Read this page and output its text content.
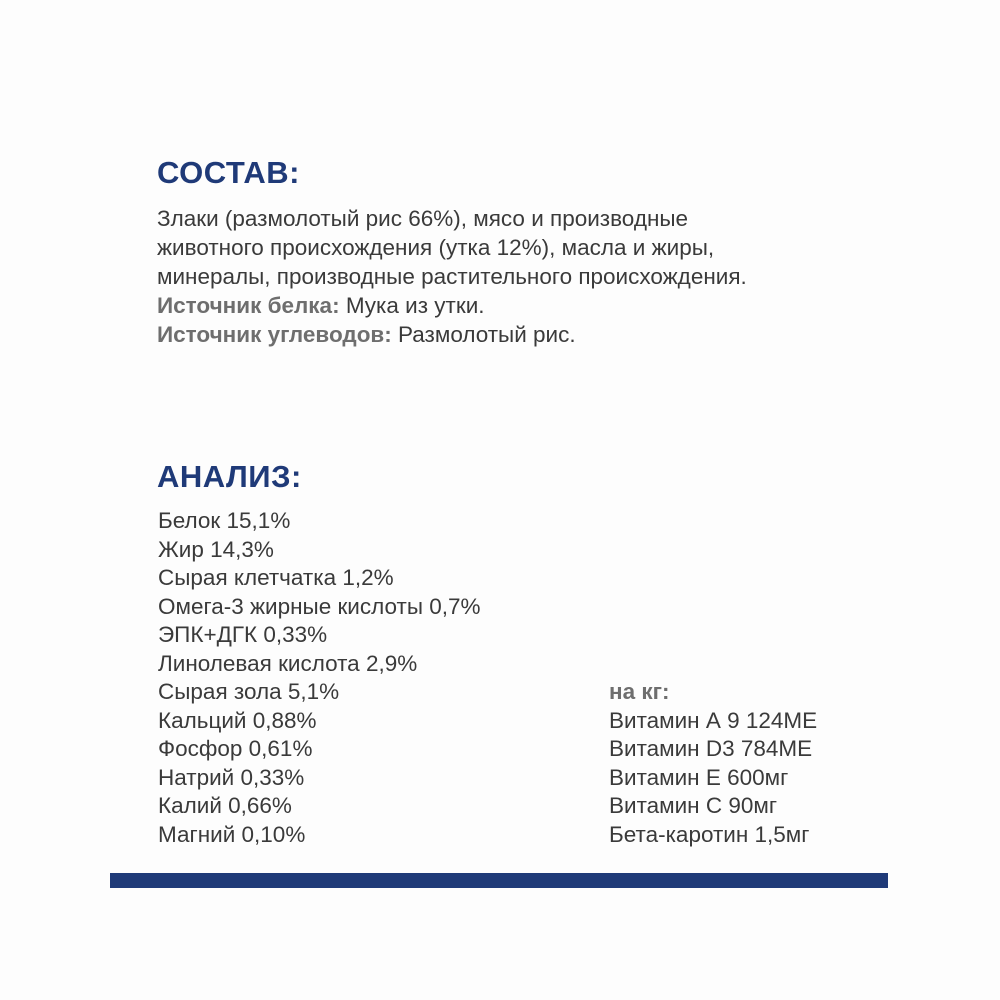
СОСТАВ:

Злаки (размолотый рис 66%), мясо и производные

животного происхождения (утка 12%), масла и жиры,

минералы, производные растительного происхождения.

Источник белка: Мука из утки.

Источник углеводов: Размолотый рис.

АНАЛИЗ:
Белок 15,1%
Жир 14,3%
Сырая клетчатка 1,2%
Омега-3 жирные кислоты 0,7%
ЭПК+ДГК 0,33%
Линолевая кислота 2,9%
Сырая зола 5,1%
Кальций 0,88%
Фосфор 0,61%
Натрий 0,33%
Калий 0,66%
Магний 0,10%
на кг:
Витамин А 9 124МЕ
Витамин D3 784МЕ
Витамин Е 600мг
Витамин С 90мг
Бета-каротин 1,5мг
